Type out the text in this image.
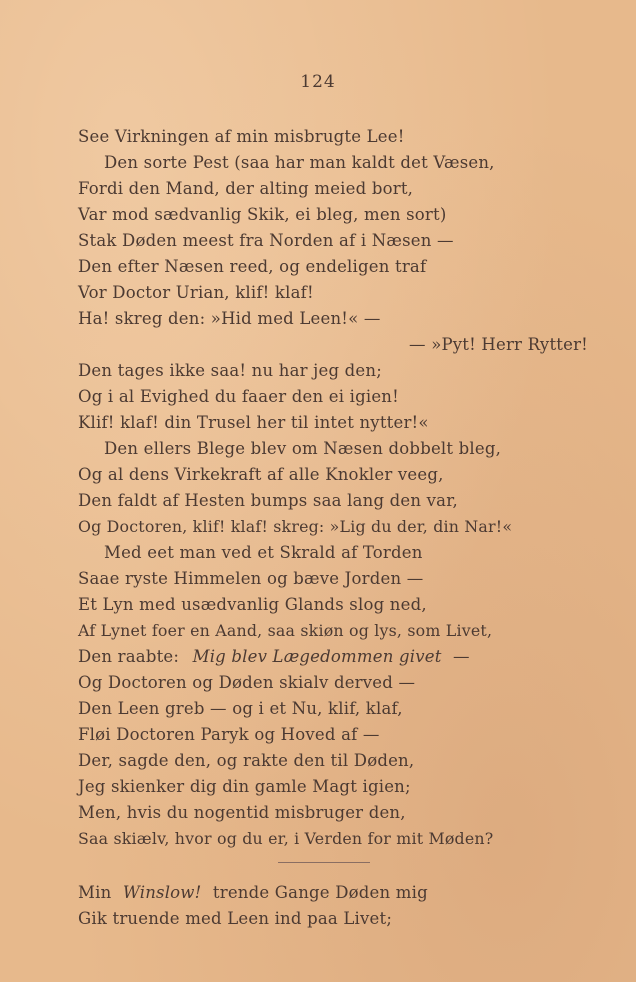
124
See Virkningen af min misbrugte Lee!
Den sorte Pest (saa har man kaldt det Væsen,
Fordi den Mand, der alting meied bort,
Var mod sædvanlig Skik, ei bleg, men sort)
Stak Døden meest fra Norden af i Næsen —
Den efter Næsen reed, og endeligen traf
Vor Doctor Urian, klif! klaf!
Ha! skreg den: »Hid med Leen!« —
— »Pyt! Herr Rytter!
Den tages ikke saa! nu har jeg den;
Og i al Evighed du faaer den ei igien!
Klif! klaf! din Trusel her til intet nytter!«
Den ellers Blege blev om Næsen dobbelt bleg,
Og al dens Virkekraft af alle Knokler veeg,
Den faldt af Hesten bumps saa lang den var,
Og Doctoren, klif! klaf! skreg: »Lig du der, din Nar!«
Med eet man ved et Skrald af Torden
Saae ryste Himmelen og bæve Jorden —
Et Lyn med usædvanlig Glands slog ned,
Af Lynet foer en Aand, saa skiøn og lys, som Livet,
Den raabte: Mig blev Lægedommen givet —
Og Doctoren og Døden skialv derved —
Den Leen greb — og i et Nu, klif, klaf,
Fløi Doctoren Paryk og Hoved af —
Der, sagde den, og rakte den til Døden,
Jeg skienker dig din gamle Magt igien;
Men, hvis du nogentid misbruger den,
Saa skiælv, hvor og du er, i Verden for mit Møden?
Min Winslow! trende Gange Døden mig
Gik truende med Leen ind paa Livet;
